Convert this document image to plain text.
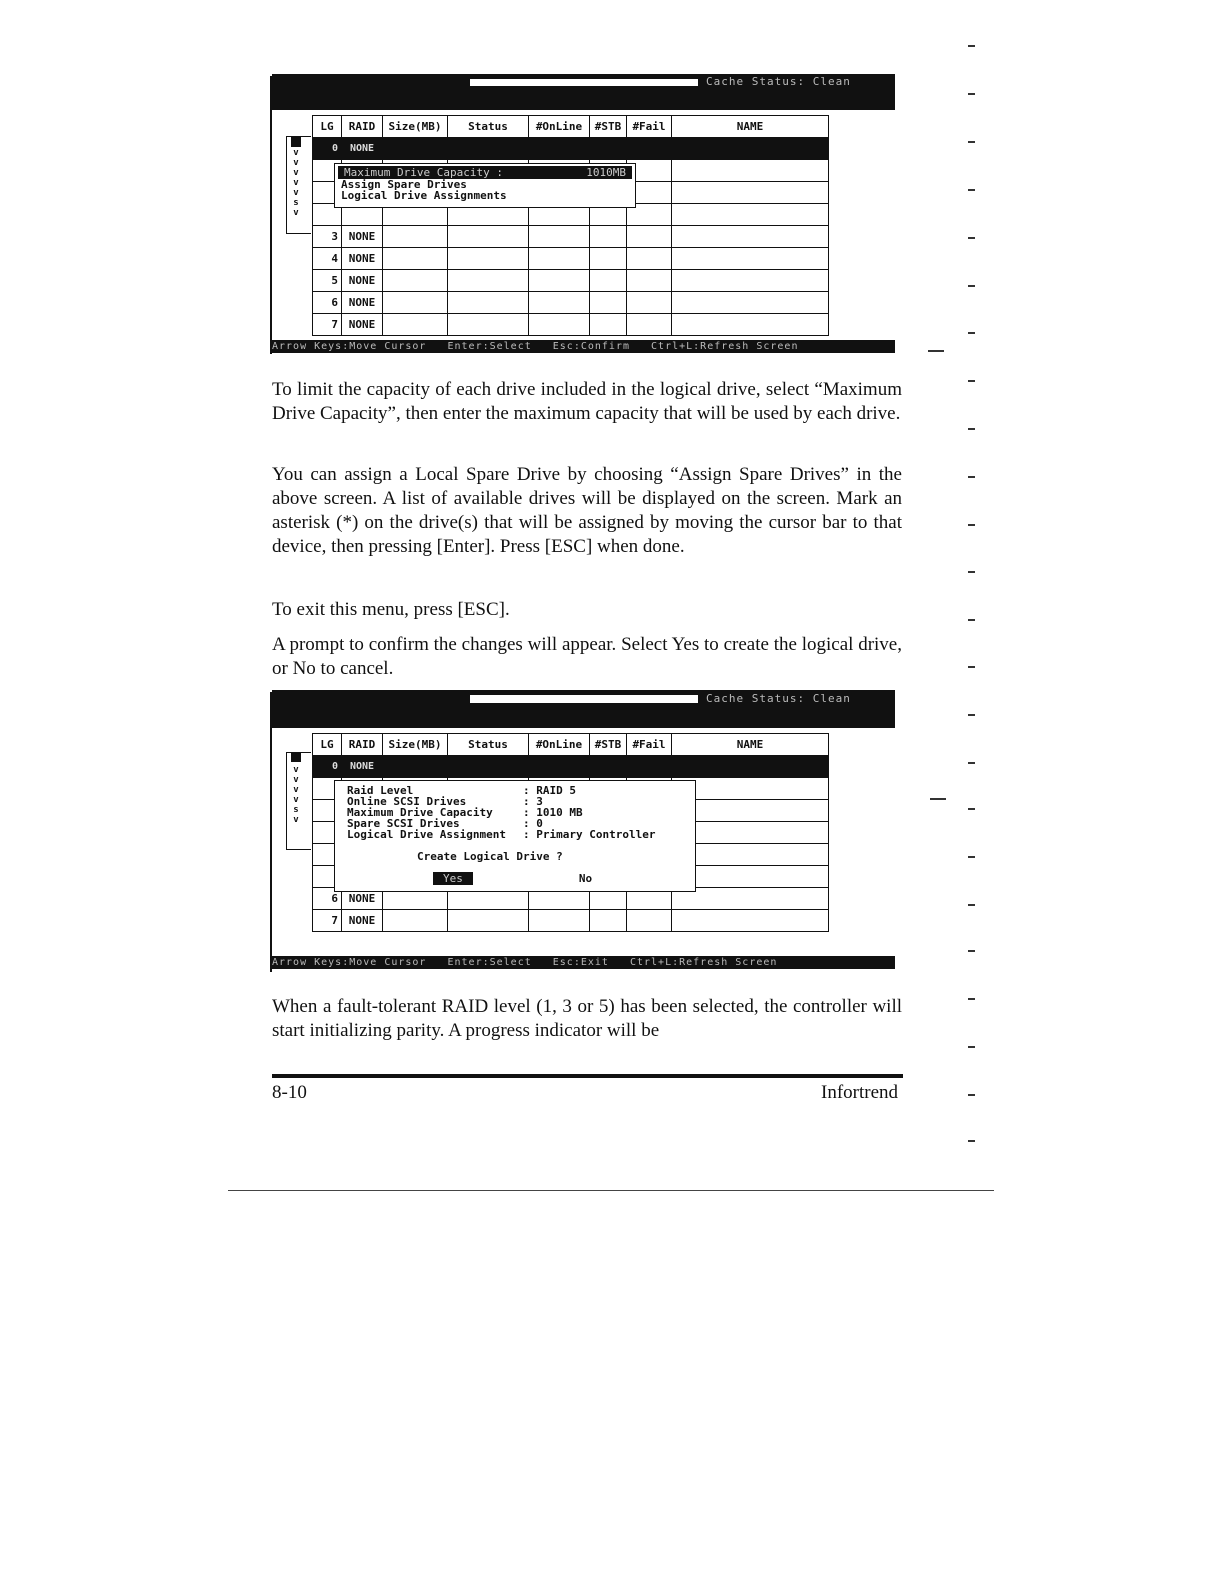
Cache Status: Clean
v
v
v
v
v
s
v
LG	RAID	Size(MB)	Status	#OnLine	#STB	#Fail	NAME
0	NONE						

3	NONE						
4	NONE						
5	NONE						
6	NONE						
7	NONE						
Maximum Drive Capacity :	1010MB
Assign Spare Drives
Logical Drive Assignments
Arrow Keys:Move Cursor Enter:Select Esc:Confirm Ctrl+L:Refresh Screen

To limit the capacity of each drive included in the logical drive, select “Maximum Drive Capacity”, then enter the maximum capacity that will be used by each drive.

You can assign a Local Spare Drive by choosing “Assign Spare Drives” in the above screen. A list of available drives will be displayed on the screen. Mark an asterisk (*) on the drive(s) that will be assigned by moving the cursor bar to that device, then pressing [Enter]. Press [ESC] when done.

To exit this menu, press [ESC].

A prompt to confirm the changes will appear. Select Yes to create the logical drive, or No to cancel.

Cache Status: Clean
v
v
v
v
s
v
LG	RAID	Size(MB)	Status	#OnLine	#STB	#Fail	NAME
0	NONE						

6	NONE						
7	NONE						
Raid Level	: RAID 5
Online SCSI Drives	: 3
Maximum Drive Capacity	: 1010 MB
Spare SCSI Drives	: 0
Logical Drive Assignment	: Primary Controller
Create Logical Drive ?
Yes	No
Arrow Keys:Move Cursor Enter:Select Esc:Exit Ctrl+L:Refresh Screen

When a fault-tolerant RAID level (1, 3 or 5) has been selected, the controller will start initializing parity. A progress indicator will be

8-10	Infortrend
